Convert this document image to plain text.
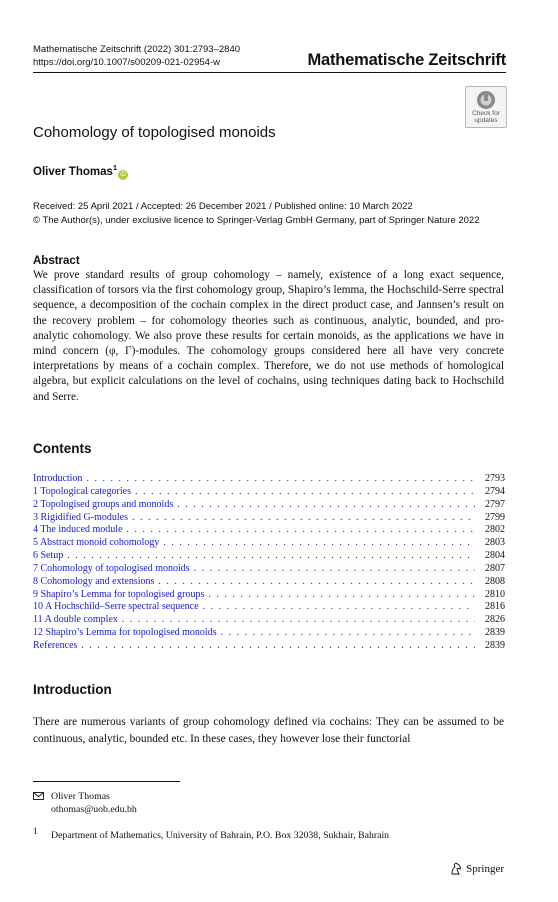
Mathematische Zeitschrift (2022) 301:2793–2840
https://doi.org/10.1007/s00209-021-02954-w	Mathematische Zeitschrift
Check for
updates
Cohomology of topologised monoids
Oliver Thomas$^1$iD
Received: 25 April 2021 / Accepted: 26 December 2021 / Published online: 10 March 2022
© The Author(s), under exclusive licence to Springer-Verlag GmbH Germany, part of Springer Nature 2022
Abstract
We prove standard results of group cohomology – namely, existence of a long exact sequence, classification of torsors via the first cohomology group, Shapiro’s lemma, the Hochschild-Serre spectral sequence, a decomposition of the cochain complex in the direct product case, and Jannsen’s result on the recovery problem – for cohomology theories such as continuous, analytic, bounded, and pro-analytic cohomology. We also prove these results for certain monoids, as the applications we have in mind concern (φ, Γ)-modules. The cohomology groups considered here all have very concrete interpretations by means of a cochain complex. Therefore, we do not use methods of homological algebra, but explicit calculations on the level of cochains, using techniques dating back to Hochschild and Serre.
Contents
Introduction . . .	2793
1 Topological categories . . .	2794
2 Topologised groups and monoids . . .	2797
3 Rigidified G-modules . . .	2799
4 The induced module . . .	2802
5 Abstract monoid cohomology . . .	2803
6 Setup . . .	2804
7 Cohomology of topologised monoids . . .	2807
8 Cohomology and extensions . . .	2808
9 Shapiro’s Lemma for topologised groups . . .	2810
10 A Hochschild–Serre spectral sequence . . .	2816
11 A double complex . . .	2826
12 Shapiro’s Lemma for topologised monoids . . .	2839
References . . .	2839
Introduction
There are numerous variants of group cohomology defined via cochains: They can be assumed to be continuous, analytic, bounded etc. In these cases, they however lose their functorial
Oliver Thomas
othomas@uob.edu.bh
1 Department of Mathematics, University of Bahrain, P.O. Box 32038, Sukhair, Bahrain
Springer
